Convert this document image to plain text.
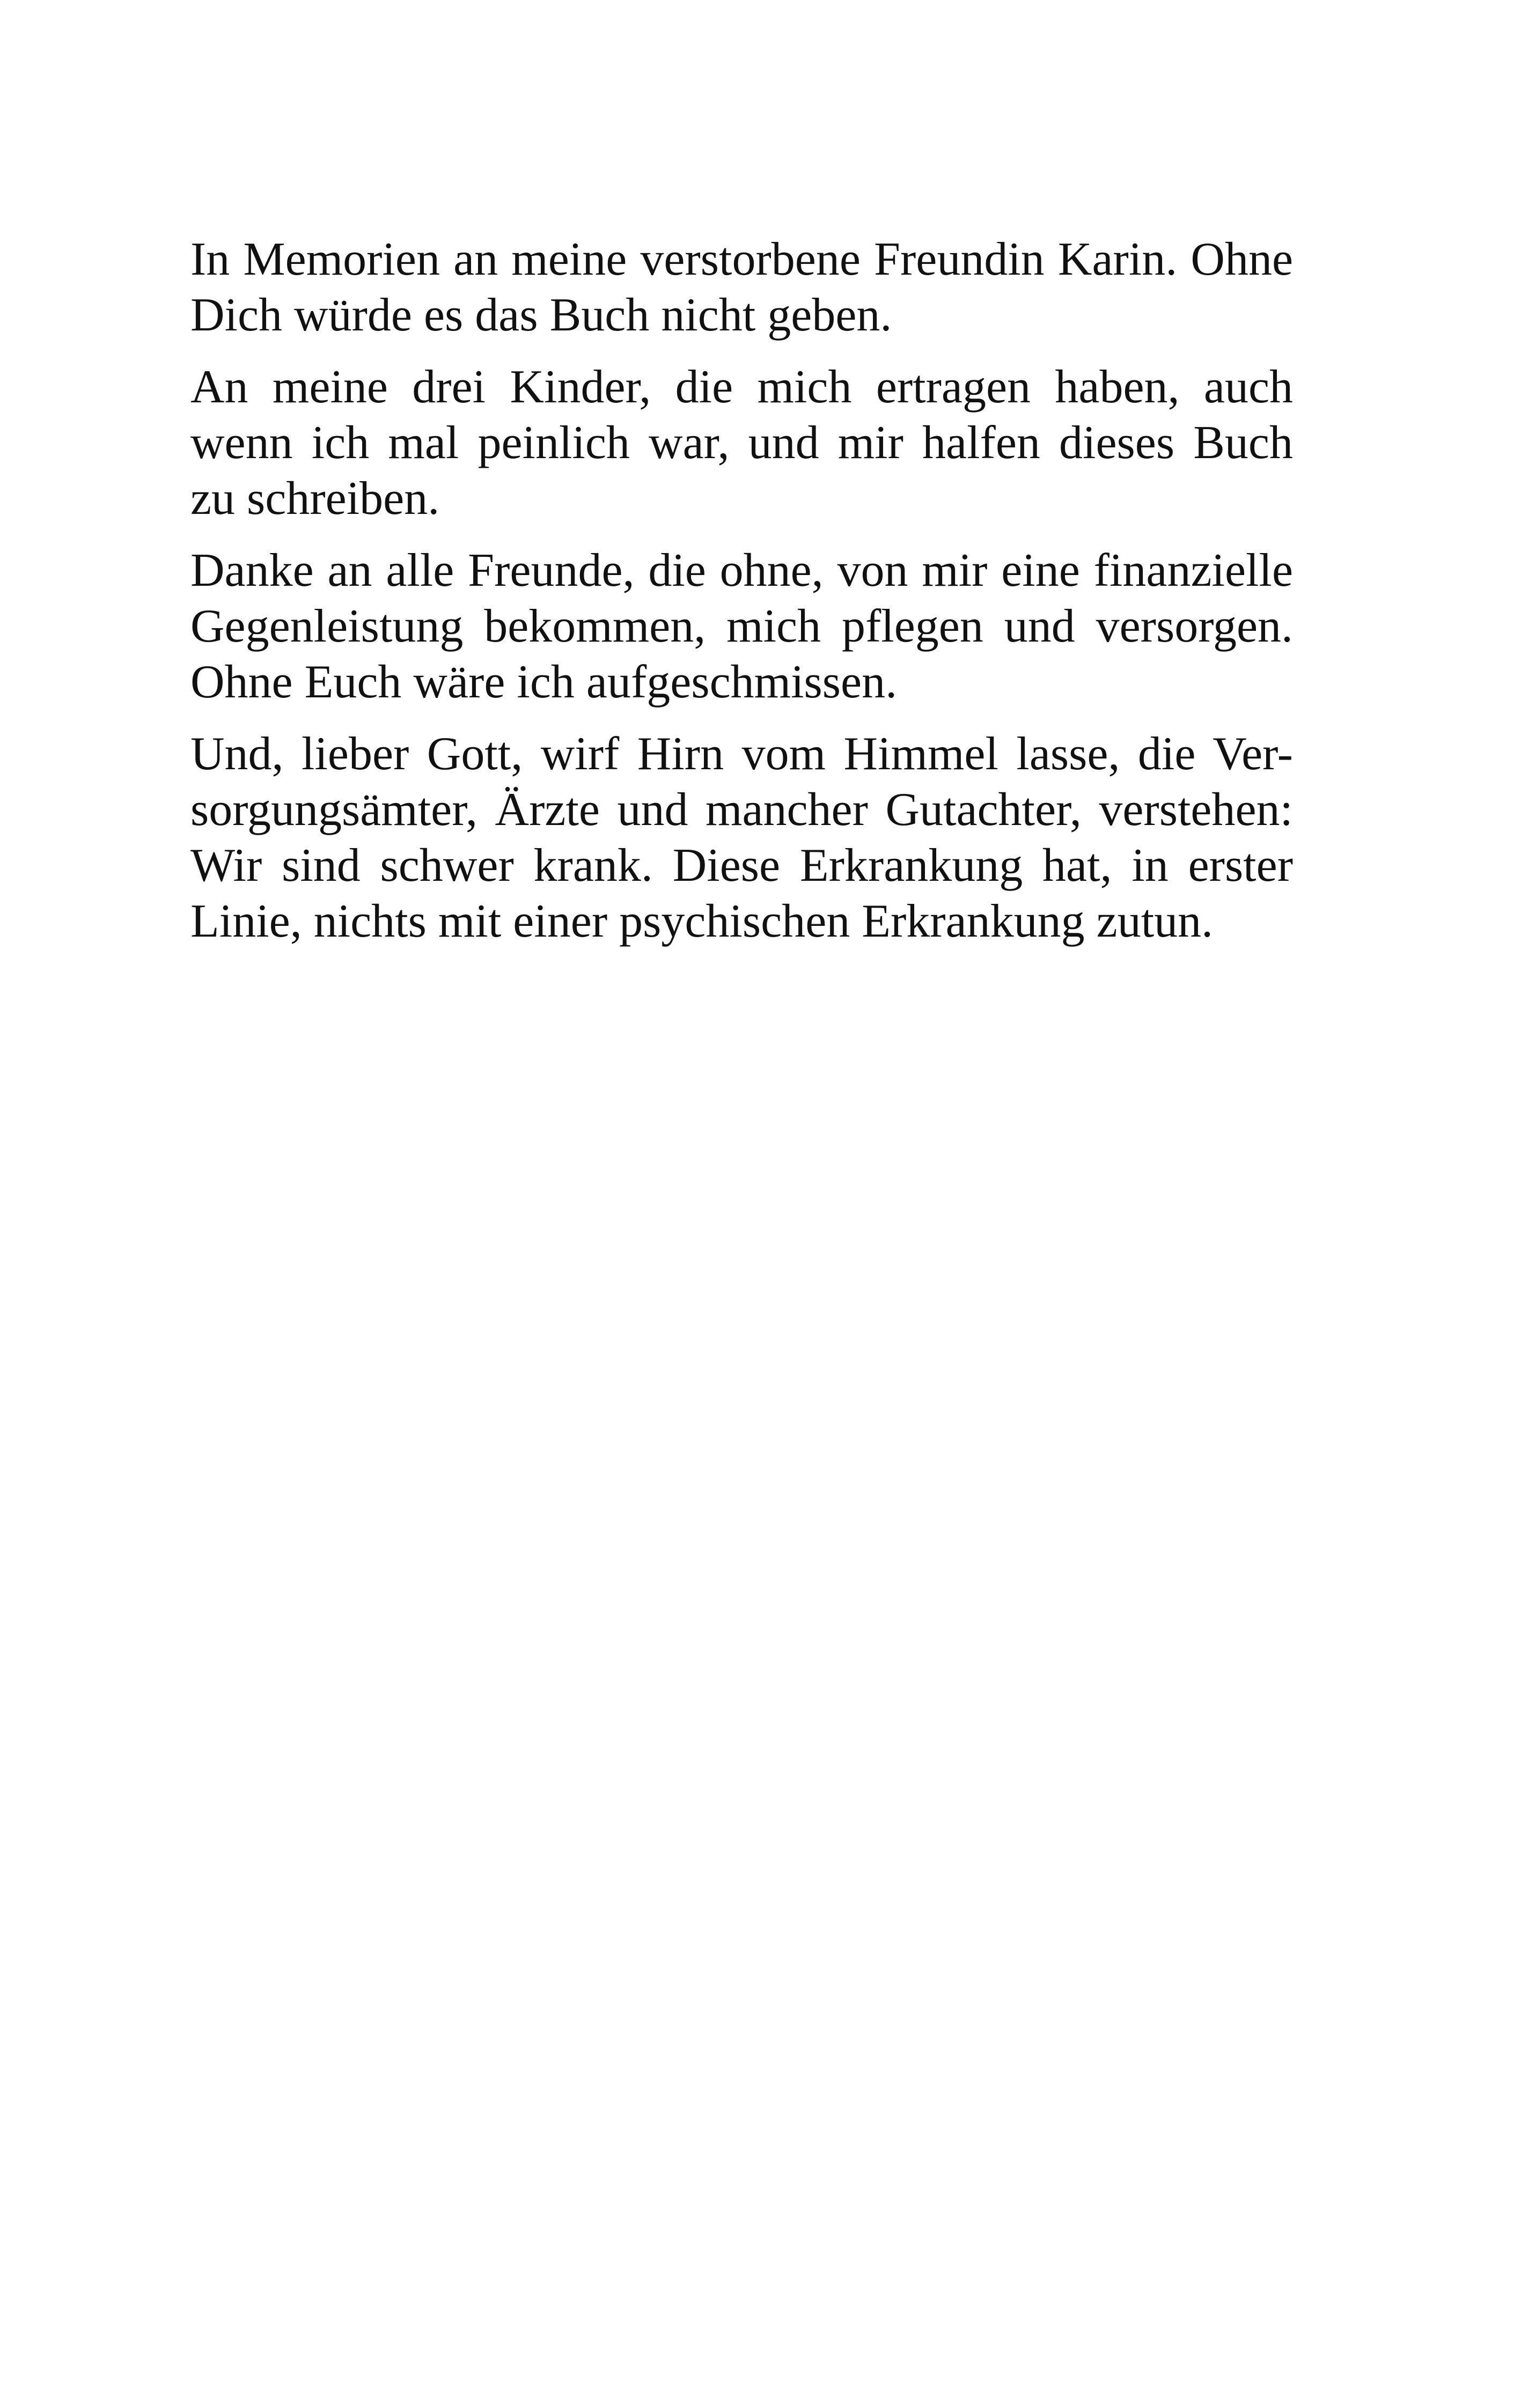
In Memorien an meine verstorbene Freundin Karin. Ohne
Dich würde es das Buch nicht geben.

An meine drei Kinder, die mich ertragen haben, auch
wenn ich mal peinlich war, und mir halfen dieses Buch
zu schreiben.

Danke an alle Freunde, die ohne, von mir eine finanzielle
Gegenleistung bekommen, mich pflegen und versorgen.
Ohne Euch wäre ich aufgeschmissen.

Und, lieber Gott, wirf Hirn vom Himmel lasse, die Ver-
sorgungsämter, Ärzte und mancher Gutachter, verstehen:
Wir sind schwer krank. Diese Erkrankung hat, in erster
Linie, nichts mit einer psychischen Erkrankung zutun.
